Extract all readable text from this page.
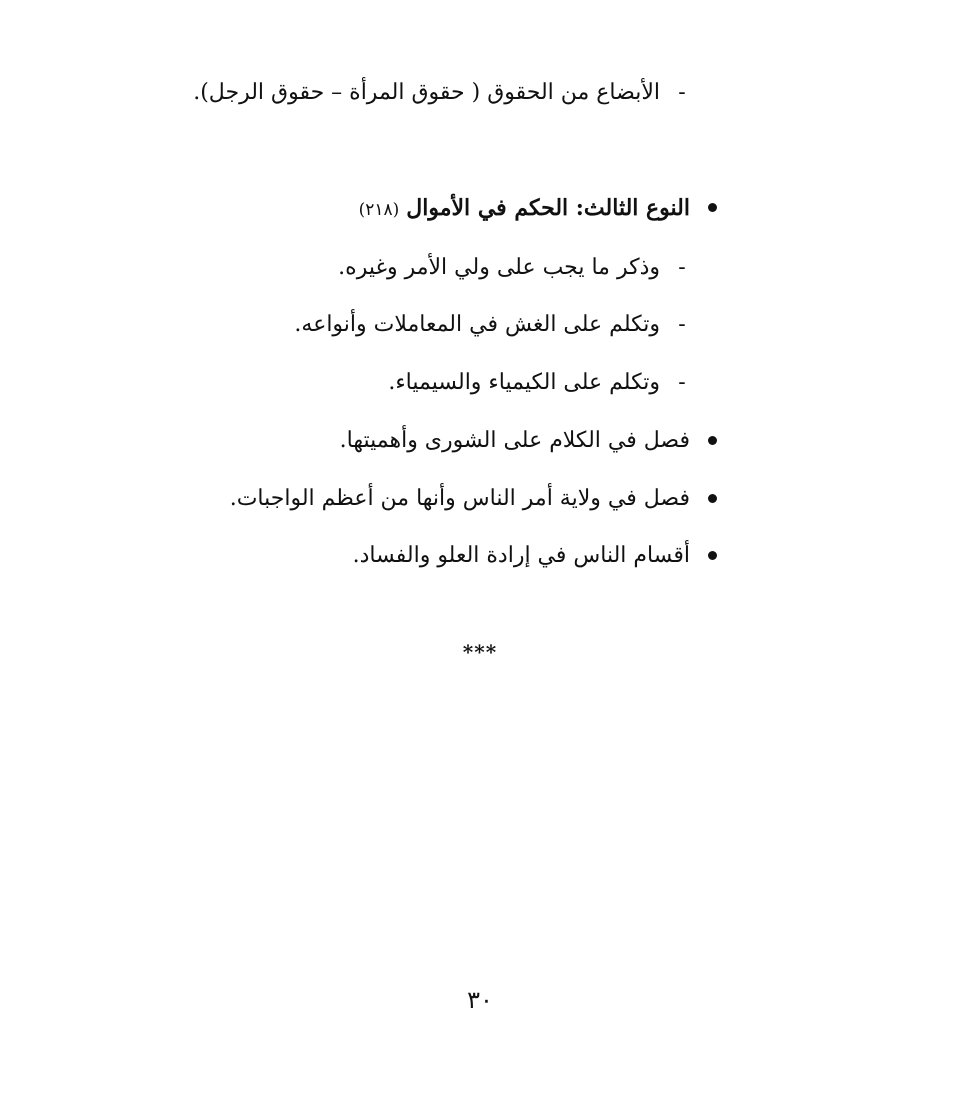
-
الأبضاع من الحقوق ( حقوق المرأة – حقوق الرجل).
النوع الثالث: الحكم في الأموال (٢١٨)
-
وذكر ما يجب على ولي الأمر وغيره.
-
وتكلم على الغش في المعاملات وأنواعه.
-
وتكلم على الكيمياء والسيمياء.
فصل في الكلام على الشورى وأهميتها.
فصل في ولاية أمر الناس وأنها من أعظم الواجبات.
أقسام الناس في إرادة العلو والفساد.
***
٣٠
